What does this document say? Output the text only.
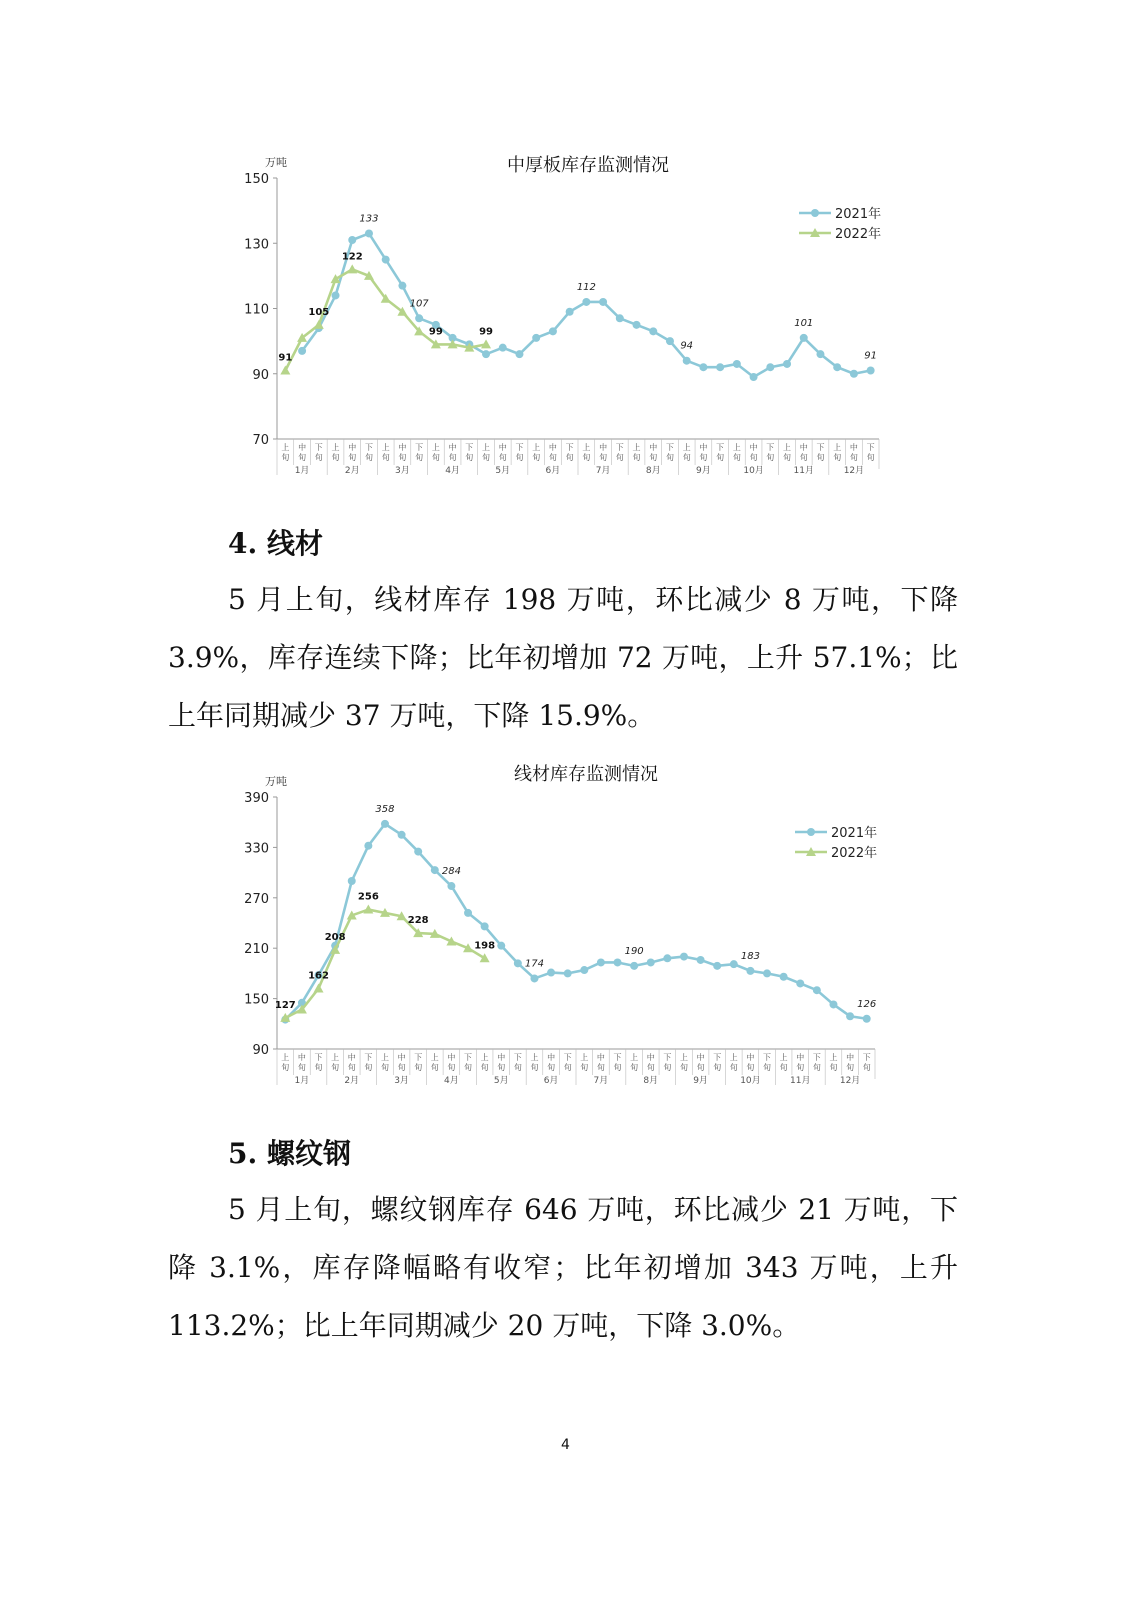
中厚板库存监测情况
万吨
70
90
110
130
150
上
旬
中
旬
下
旬
上
旬
中
旬
下
旬
上
旬
中
旬
下
旬
上
旬
中
旬
下
旬
上
旬
中
旬
下
旬
上
旬
中
旬
下
旬
上
旬
中
旬
下
旬
上
旬
中
旬
下
旬
上
旬
中
旬
下
旬
上
旬
中
旬
下
旬
上
旬
中
旬
下
旬
上
旬
中
旬
下
旬
1月	2月	3月	4月	5月	6月	7月	8月	9月	10月	11月	12月
133
107
112
94
101
91
91
105
122
99	99
2021年
2022年
4. 线材

5 月上旬，线材库存 198 万吨，环比减少 8 万吨，下降 3.9%，库存连续下降；比年初增加 72 万吨，上升 57.1%；比上年同期减少 37 万吨，下降 15.9%。

线材库存监测情况
万吨
90
150
210
270
330
390
上
旬
中
旬
下
旬
上
旬
中
旬
下
旬
上
旬
中
旬
下
旬
上
旬
中
旬
下
旬
上
旬
中
旬
下
旬
上
旬
中
旬
下
旬
上
旬
中
旬
下
旬
上
旬
中
旬
下
旬
上
旬
中
旬
下
旬
上
旬
中
旬
下
旬
上
旬
中
旬
下
旬
上
旬
中
旬
下
旬
1月	2月	3月	4月	5月	6月	7月	8月	9月	10月	11月	12月
358
284
174
190	183
126
127
162
208
256
228
198
2021年
2022年
5. 螺纹钢

5 月上旬，螺纹钢库存 646 万吨，环比减少 21 万吨，下降 3.1%，库存降幅略有收窄；比年初增加 343 万吨，上升 113.2%；比上年同期减少 20 万吨，下降 3.0%。

4
